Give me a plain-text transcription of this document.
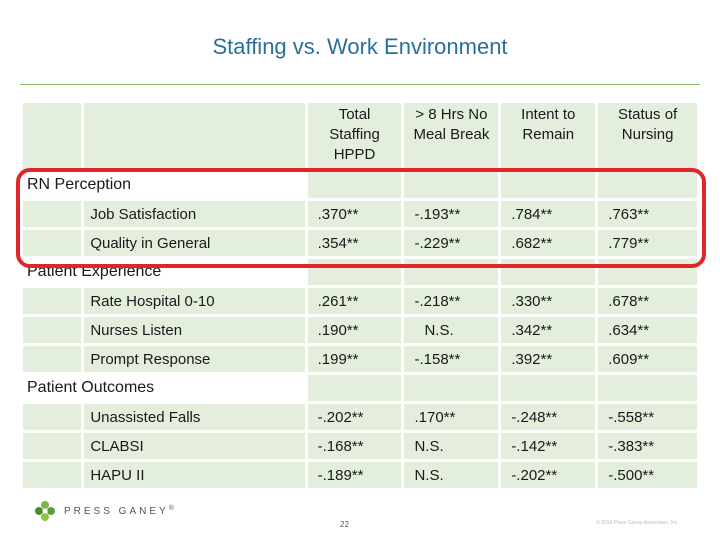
Staffing vs. Work Environment
		Total Staffing HPPD	> 8 Hrs No Meal Break	Intent to Remain	Status of Nursing
RN Perception					
	Job Satisfaction	.370**	-.193**	.784**	.763**
	Quality in General	.354**	-.229**	.682**	.779**
Patient Experience					
	Rate Hospital 0-10	.261**	-.218**	.330**	.678**
	Nurses Listen	.190**	N.S.	.342**	.634**
	Prompt Response	.199**	-.158**	.392**	.609**
Patient Outcomes					
	Unassisted Falls	-.202**	.170**	-.248**	-.558**
	CLABSI	-.168**	N.S.	-.142**	-.383**
	HAPU II	-.189**	N.S.	-.202**	-.500**
PRESS GANEY ®
22	© 2018 Press Ganey Associates, Inc.
